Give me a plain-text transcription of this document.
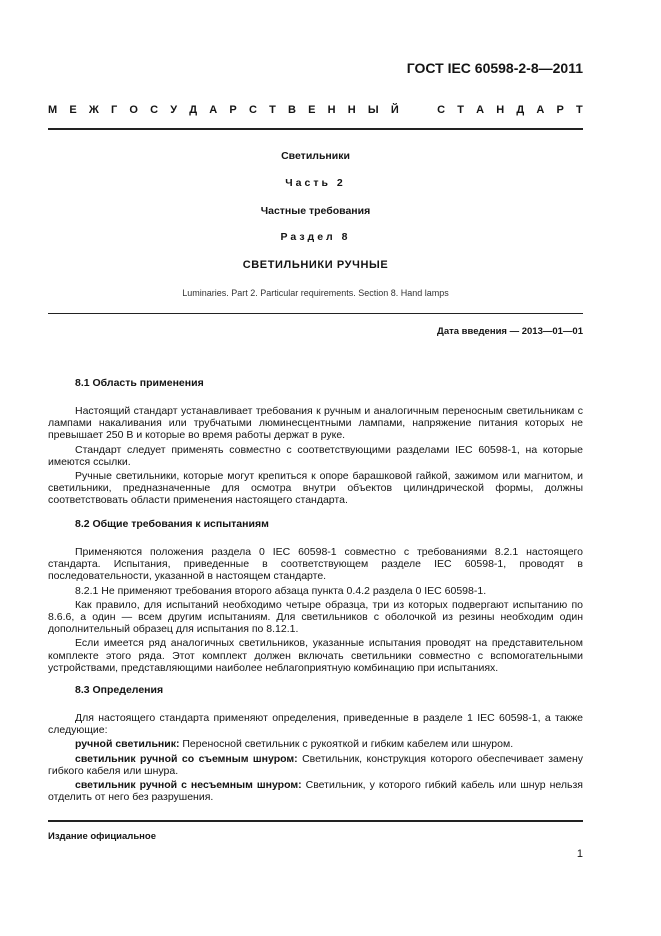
ГОСТ IEC 60598-2-8—2011

М Е Ж Г О С У Д А Р С Т В Е Н Н Ы Й	С Т А Н Д А Р Т

Светильники

Часть 2

Частные требования

Раздел 8

СВЕТИЛЬНИКИ РУЧНЫЕ

Luminaries. Part 2. Particular requirements. Section 8. Hand lamps

Дата введения — 2013—01—01

8.1 Область применения

Настоящий стандарт устанавливает требования к ручным и аналогичным переносным светильникам с лампами накаливания или трубчатыми люминесцентными лампами, напряжение питания которых не превышает 250 В и которые во время работы держат в руке.

Стандарт следует применять совместно с соответствующими разделами IEC 60598-1, на которые имеются ссылки.

Ручные светильники, которые могут крепиться к опоре барашковой гайкой, зажимом или магнитом, и светильники, предназначенные для осмотра внутри объектов цилиндрической формы, должны соответствовать области применения настоящего стандарта.

8.2 Общие требования к испытаниям

Применяются положения раздела 0 IEC 60598-1 совместно с требованиями 8.2.1 настоящего стандарта. Испытания, приведенные в соответствующем разделе IEC 60598-1, проводят в последовательности, указанной в настоящем стандарте.

8.2.1 Не применяют требования второго абзаца пункта 0.4.2 раздела 0 IEC 60598-1.

Как правило, для испытаний необходимо четыре образца, три из которых подвергают испытанию по 8.6.6, а один — всем другим испытаниям. Для светильников с оболочкой из резины необходим один дополнительный образец для испытания по 8.12.1.

Если имеется ряд аналогичных светильников, указанные испытания проводят на представительном комплекте этого ряда. Этот комплект должен включать светильники совместно с вспомогательными устройствами, представляющими наиболее неблагоприятную комбинацию при испытаниях.

8.3 Определения

Для настоящего стандарта применяют определения, приведенные в разделе 1 IEC 60598-1, а также следующие:

ручной светильник: Переносной светильник с рукояткой и гибким кабелем или шнуром.

светильник ручной со съемным шнуром: Светильник, конструкция которого обеспечивает замену гибкого кабеля или шнура.

светильник ручной с несъемным шнуром: Светильник, у которого гибкий кабель или шнур нельзя отделить от него без разрушения.

Издание официальное

1
